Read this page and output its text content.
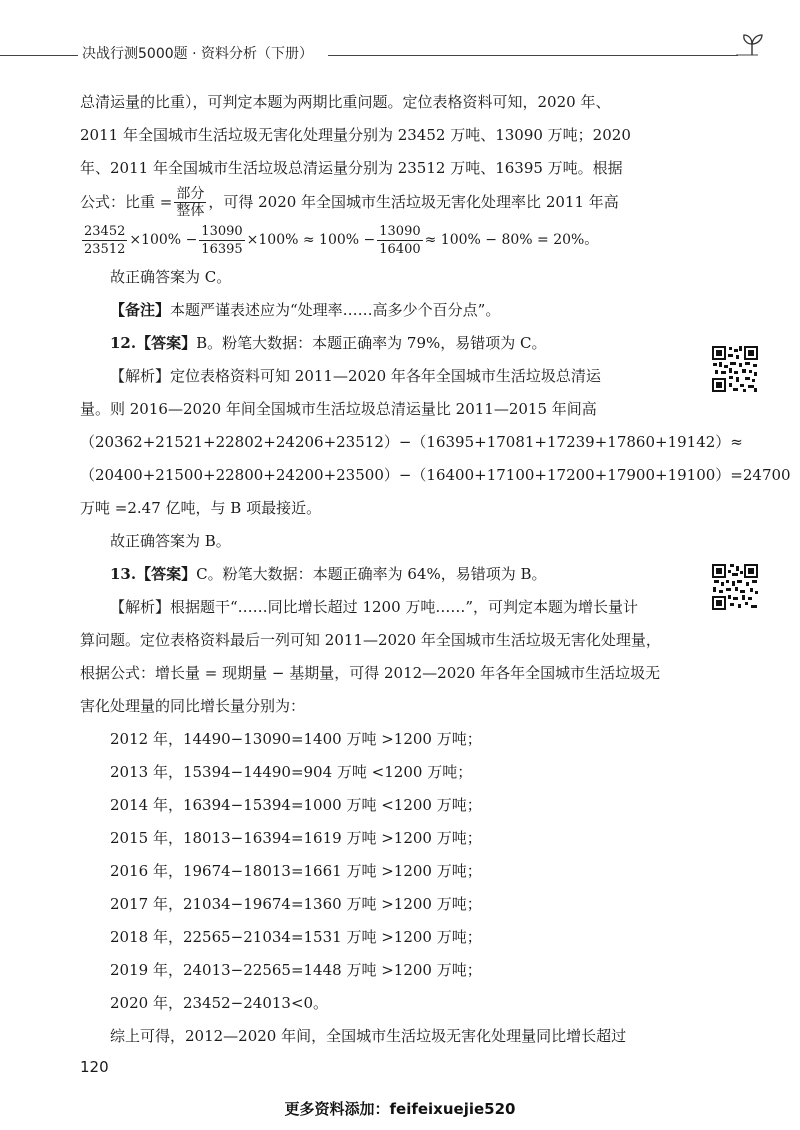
决战行测5000题 · 资料分析（下册）

总清运量的比重），可判定本题为两期比重问题。定位表格资料可知，2020 年、

2011 年全国城市生活垃圾无害化处理量分别为 23452 万吨、13090 万吨；2020

年、2011 年全国城市生活垃圾总清运量分别为 23512 万吨、16395 万吨。根据

公式：比重 = $\frac{\text{部分}}{\text{整体}}$ ，可得 2020 年全国城市生活垃圾无害化处理率比 2011 年高
$\frac{23452}{23512} \times 100\% - \frac{13090}{16395} \times 100\% \approx 100\% - \frac{13090}{16400} \approx 100\% - 80\% = 20\%$。

故正确答案为 C。

【备注】本题严谨表述应为“处理率……高多少个百分点”。

12.【答案】B。粉笔大数据：本题正确率为 79%，易错项为 C。

【解析】定位表格资料可知 2011—2020 年各年全国城市生活垃圾总清运

量。则 2016—2020 年间全国城市生活垃圾总清运量比 2011—2015 年间高

（20362+21521+22802+24206+23512）−（16395+17081+17239+17860+19142）≈

（20400+21500+22800+24200+23500）−（16400+17100+17200+17900+19100）=24700

万吨 =2.47 亿吨，与 B 项最接近。

故正确答案为 B。

13.【答案】C。粉笔大数据：本题正确率为 64%，易错项为 B。

【解析】根据题干“……同比增长超过 1200 万吨……”，可判定本题为增长量计

算问题。定位表格资料最后一列可知 2011—2020 年全国城市生活垃圾无害化处理量，

根据公式：增长量 = 现期量 − 基期量，可得 2012—2020 年各年全国城市生活垃圾无

害化处理量的同比增长量分别为：

2012 年，14490−13090=1400 万吨 >1200 万吨；

2013 年，15394−14490=904 万吨 <1200 万吨；

2014 年，16394−15394=1000 万吨 <1200 万吨；

2015 年，18013−16394=1619 万吨 >1200 万吨；

2016 年，19674−18013=1661 万吨 >1200 万吨；

2017 年，21034−19674=1360 万吨 >1200 万吨；

2018 年，22565−21034=1531 万吨 >1200 万吨；

2019 年，24013−22565=1448 万吨 >1200 万吨；

2020 年，23452−24013<0。

综上可得，2012—2020 年间，全国城市生活垃圾无害化处理量同比增长超过

120
更多资料添加：feifeixuejie520
